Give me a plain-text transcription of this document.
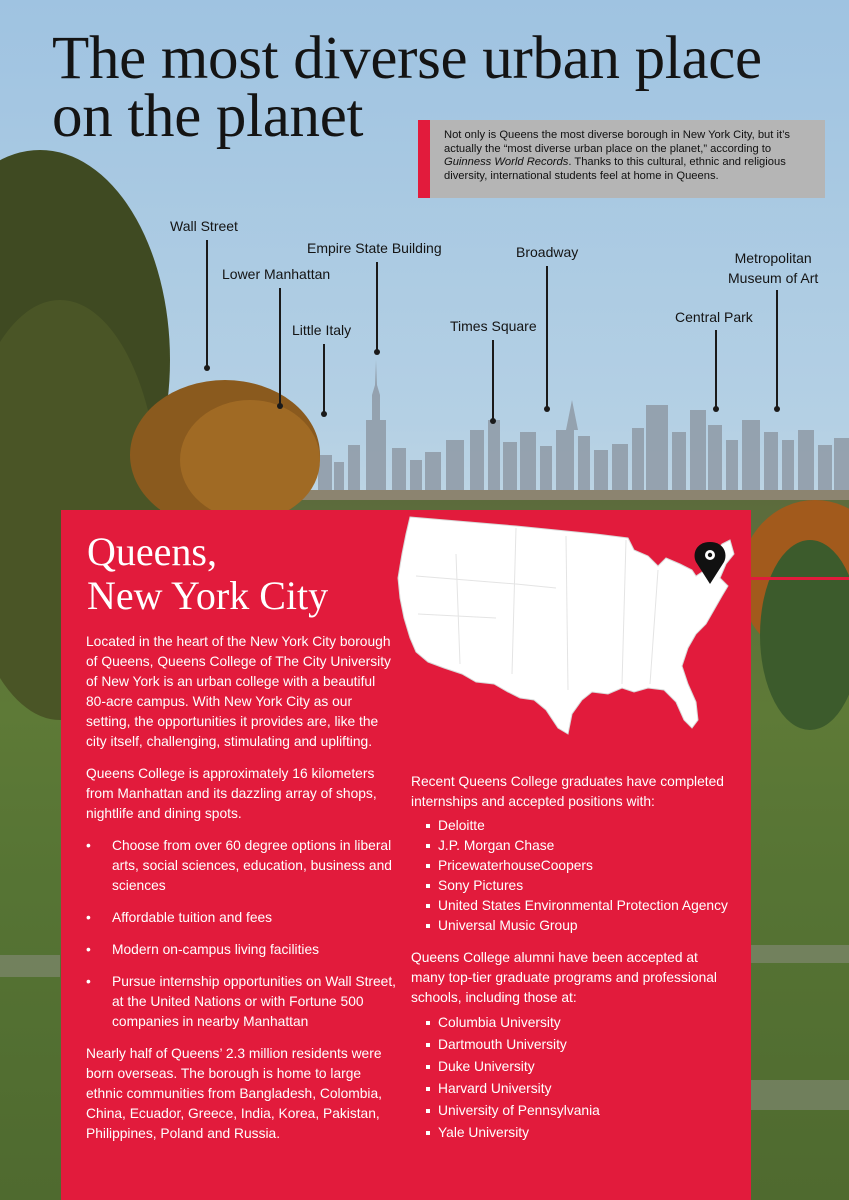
The most diverse urban place
on the planet	Not only is Queens the most diverse borough in New York City, but it’s actually the “most diverse urban place on the planet,” according to Guinness World Records. Thanks to this cultural, ethnic and religious diversity, international students feel at home in Queens.
Wall Street
Lower Manhattan
Empire State Building
Little Italy	Times Square
Broadway
Central Park
Metropolitan
Museum of Art
Queens,
New York City

Located in the heart of the New York City borough of Queens, Queens College of The City University of New York is an urban college with a beautiful 80-acre campus. With New York City as our setting, the opportunities it provides are, like the city itself, challenging, stimulating and uplifting.

Queens College is approximately 16 kilometers from Manhattan and its dazzling array of shops, nightlife and dining spots.

• Choose from over 60 degree options in liberal arts, social sciences, education, business and sciences
• Affordable tuition and fees
• Modern on-campus living facilities
• Pursue internship opportunities on Wall Street, at the United Nations or with Fortune 500 companies in nearby Manhattan

Nearly half of Queens’ 2.3 million residents were born overseas. The borough is home to large ethnic communities from Bangladesh, Colombia, China, Ecuador, Greece, India, Korea, Pakistan, Philippines, Poland and Russia.

Recent Queens College graduates have completed internships and accepted positions with:

Deloitte
J.P. Morgan Chase
PricewaterhouseCoopers
Sony Pictures
United States Environmental Protection Agency
Universal Music Group

Queens College alumni have been accepted at many top-tier graduate programs and professional schools, including those at:

Columbia University
Dartmouth University
Duke University
Harvard University
University of Pennsylvania
Yale University
